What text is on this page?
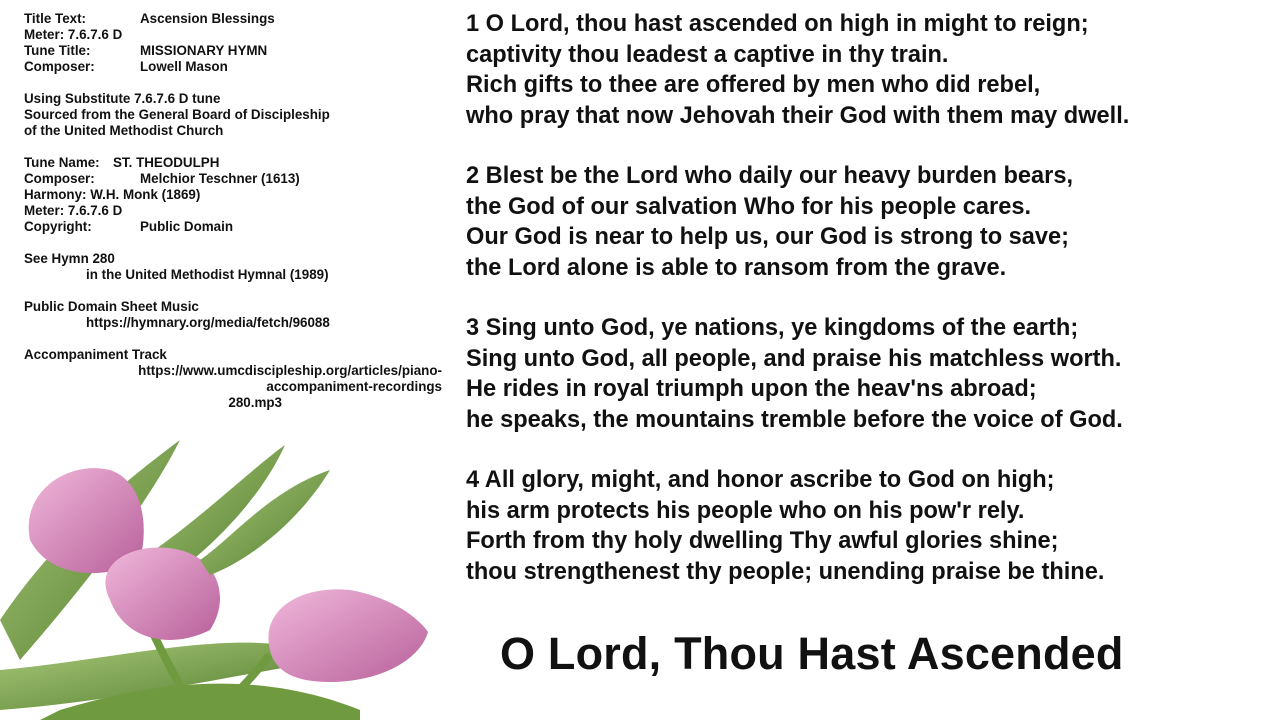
Title Text:	Ascension Blessings
Meter: 7.6.7.6 D
Tune Title:	MISSIONARY HYMN
Composer:	Lowell Mason
Using Substitute 7.6.7.6 D tune
Sourced from the General Board of Discipleship
of the United Methodist Church
Tune Name: ST. THEODULPH
Composer:	Melchior Teschner (1613)
Harmony: W.H. Monk (1869)
Meter: 7.6.7.6 D
Copyright:	Public Domain
See Hymn 280
in the United Methodist Hymnal (1989)
Public Domain Sheet Music
https://hymnary.org/media/fetch/96088
Accompaniment Track
https://www.umcdiscipleship.org/articles/piano-
accompaniment-recordings
280.mp3
1 O Lord, thou hast ascended on high in might to reign;
captivity thou leadest a captive in thy train.
Rich gifts to thee are offered by men who did rebel,
who pray that now Jehovah their God with them may dwell.
2 Blest be the Lord who daily our heavy burden bears,
the God of our salvation Who for his people cares.
Our God is near to help us, our God is strong to save;
the Lord alone is able to ransom from the grave.
3 Sing unto God, ye nations, ye kingdoms of the earth;
Sing unto God, all people, and praise his matchless worth.
He rides in royal triumph upon the heav'ns abroad;
he speaks, the mountains tremble before the voice of God.
4 All glory, might, and honor ascribe to God on high;
his arm protects his people who on his pow'r rely.
Forth from thy holy dwelling Thy awful glories shine;
thou strengthenest thy people; unending praise be thine.
O Lord, Thou Hast Ascended
